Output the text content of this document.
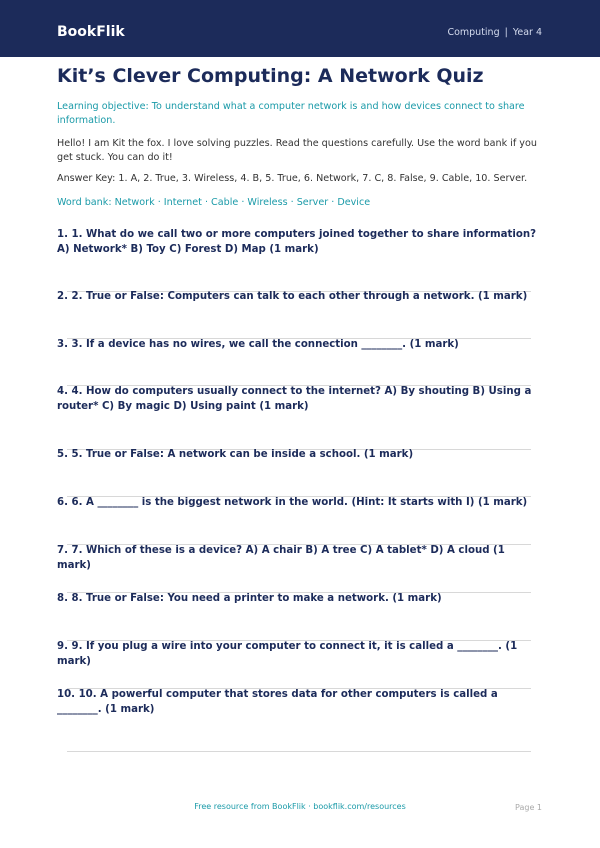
BookFlik	Computing | Year 4
Kit’s Clever Computing: A Network Quiz
Learning objective: To understand what a computer network is and how devices connect to share information.
Hello! I am Kit the fox. I love solving puzzles. Read the questions carefully. Use the word bank if you get stuck. You can do it!
Answer Key: 1. A, 2. True, 3. Wireless, 4. B, 5. True, 6. Network, 7. C, 8. False, 9. Cable, 10. Server.
Word bank: Network · Internet · Cable · Wireless · Server · Device
1. 1. What do we call two or more computers joined together to share information? A) Network* B) Toy C) Forest D) Map (1 mark)
2. 2. True or False: Computers can talk to each other through a network. (1 mark)
3. 3. If a device has no wires, we call the connection ________. (1 mark)
4. 4. How do computers usually connect to the internet? A) By shouting B) Using a router* C) By magic D) Using paint (1 mark)
5. 5. True or False: A network can be inside a school. (1 mark)
6. 6. A ________ is the biggest network in the world. (Hint: It starts with I) (1 mark)
7. 7. Which of these is a device? A) A chair B) A tree C) A tablet* D) A cloud (1 mark)
8. 8. True or False: You need a printer to make a network. (1 mark)
9. 9. If you plug a wire into your computer to connect it, it is called a ________. (1 mark)
10. 10. A powerful computer that stores data for other computers is called a ________. (1 mark)
Free resource from BookFlik · bookflik.com/resources	Page 1
